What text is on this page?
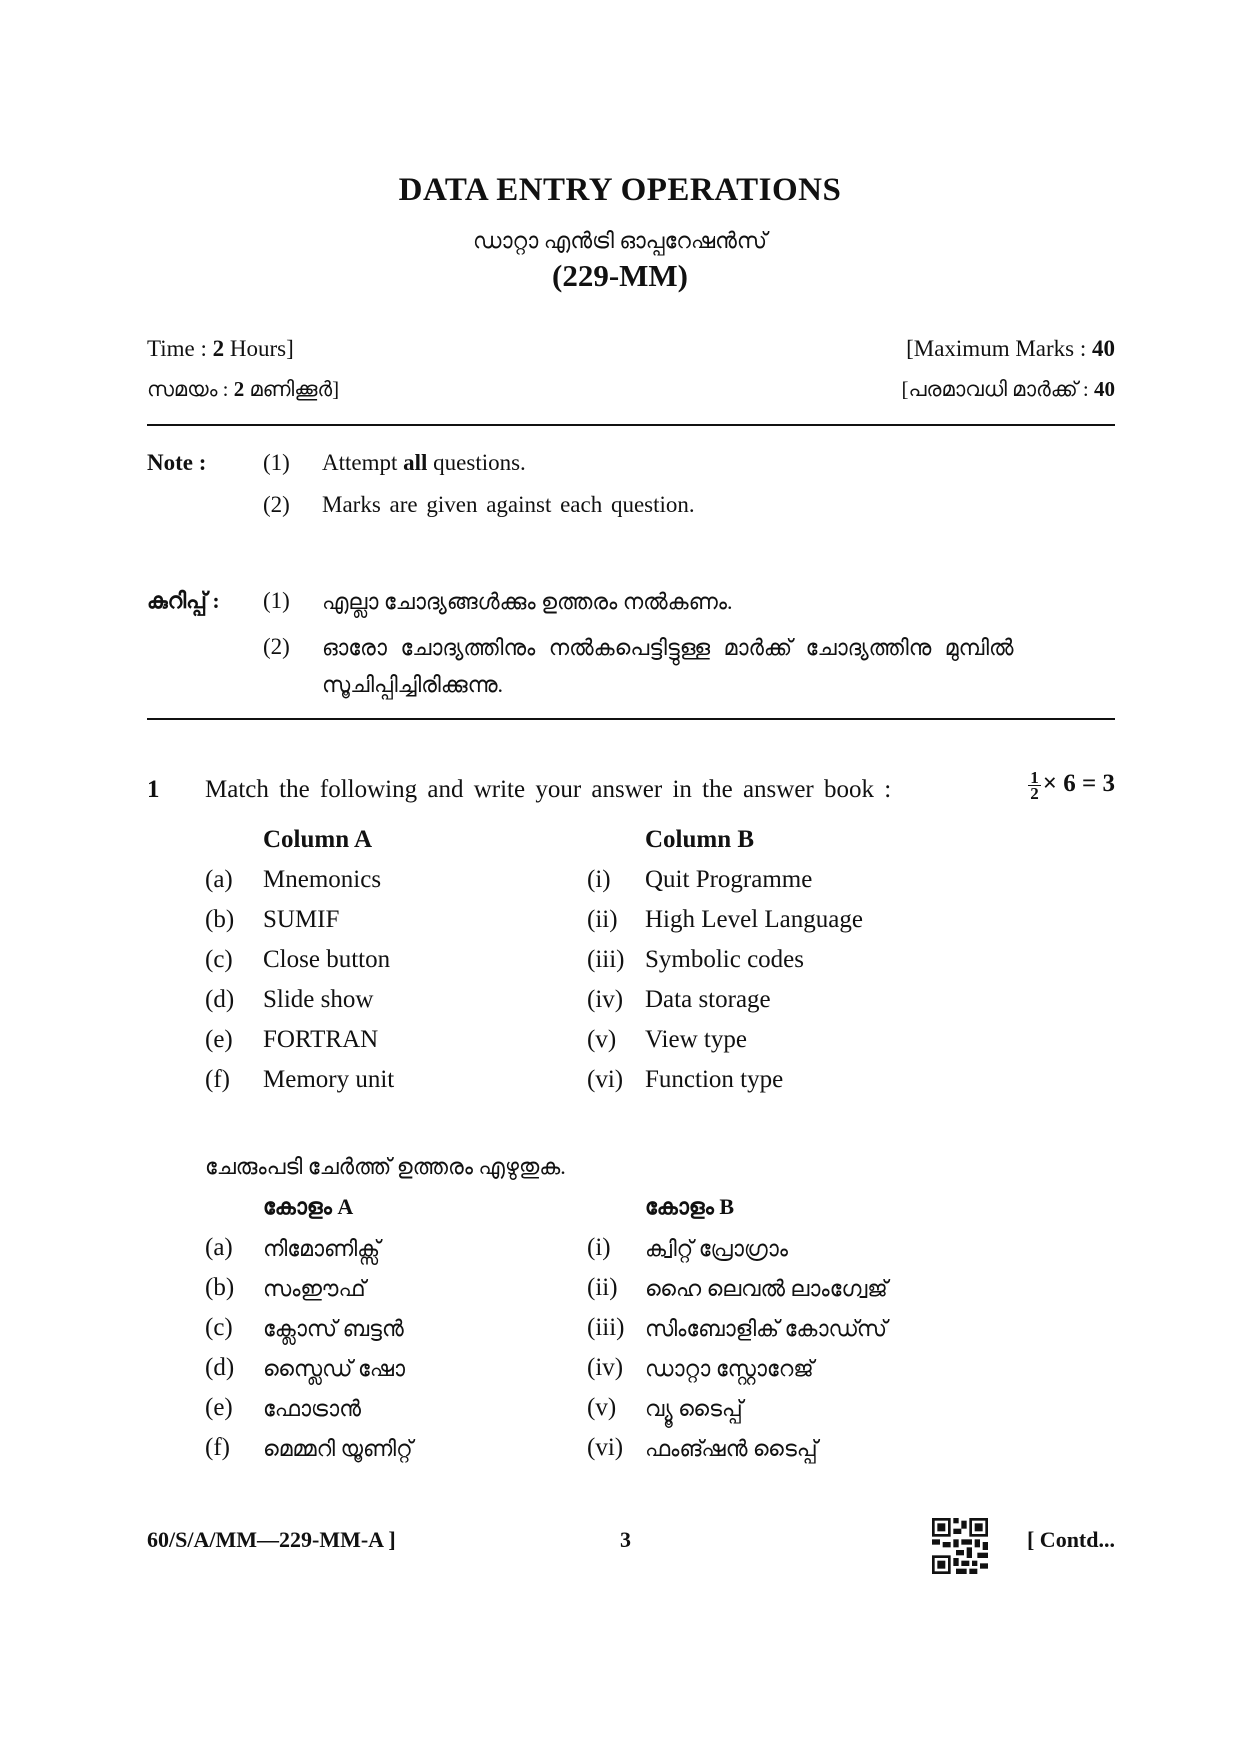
DATA ENTRY OPERATIONS
ഡാറ്റാ എൻട്രി ഓപ്പറേഷൻസ്
(229-MM)
Time : 2 Hours]	[Maximum Marks : 40
സമയം : 2 മണിക്കൂർ]	[പരമാവധി മാർക്ക് : 40
Note : (1) Attempt all questions.
(2) Marks are given against each question.
കുറിപ്പ് : (1) എല്ലാ ചോദ്യങ്ങൾക്കും ഉത്തരം നൽകണം.
(2) ഓരോ ചോദ്യത്തിനും നൽകപെട്ടിട്ടുള്ള മാർക്ക് ചോദ്യത്തിനു മുമ്പിൽ
സൂചിപ്പിച്ചിരിക്കുന്നു.
1 Match the following and write your answer in the answer book :	$\frac{1}{2} \times 6 = 3$
Column A	Column B
(a) Mnemonics	(i) Quit Programme
(b) SUMIF	(ii) High Level Language
(c) Close button	(iii) Symbolic codes
(d) Slide show	(iv) Data storage
(e) FORTRAN	(v) View type
(f) Memory unit	(vi) Function type
ചേരുംപടി ചേർത്ത് ഉത്തരം എഴുതുക.
കോളം A	കോളം B
(a) നിമോണിക്സ്	(i) ക്വിറ്റ് പ്രോഗ്രാം
(b) സംഈഫ്	(ii) ഹൈ ലെവൽ ലാംഗ്വേജ്
(c) ക്ലോസ് ബട്ടൻ	(iii) സിംബോളിക് കോഡ്സ്
(d) സ്ലൈഡ് ഷോ	(iv) ഡാറ്റാ സ്റ്റോറേജ്
(e) ഫോട്രാൻ	(v) വ്യൂ ടൈപ്പ്
(f) മെമ്മറി യൂണിറ്റ്	(vi) ഫംങ്ഷൻ ടൈപ്പ്
60/S/A/MM—229-MM-A ]	3	[ Contd...
